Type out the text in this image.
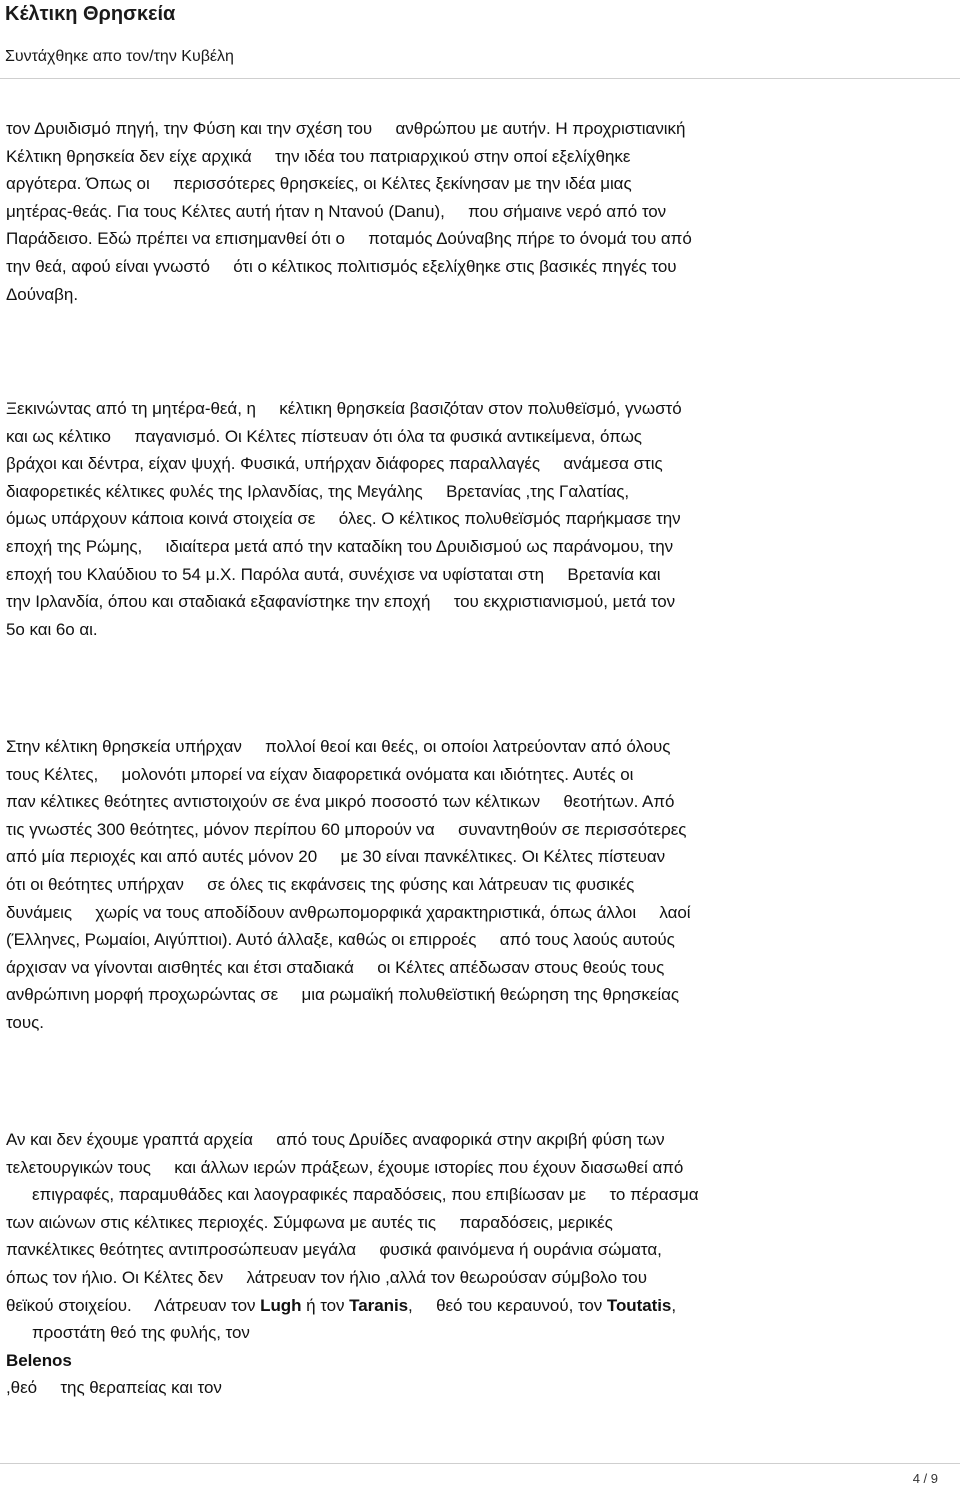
Κέλτικη Θρησκεία
Συντάχθηκε απο τον/την Κυβέλη

τον Δρυιδισμό πηγή, την Φύση και την σχέση του     ανθρώπου με αυτήν. Η προχριστιανική
Κέλτικη θρησκεία δεν είχε αρχικά     την ιδέα του πατριαρχικού στην οποί εξελίχθηκε
αργότερα. Όπως οι     περισσότερες θρησκείες, οι Κέλτες ξεκίνησαν με την ιδέα μιας
μητέρας-θεάς. Για τους Κέλτες αυτή ήταν η Ντανού (Danu),     που σήμαινε νερό από τον
Παράδεισο. Εδώ πρέπει να επισημανθεί ότι ο     ποταμός Δούναβης πήρε το όνομά του από
την θεά, αφού είναι γνωστό     ότι ο κέλτικος πολιτισμός εξελίχθηκε στις βασικές πηγές του
Δούναβη.

Ξεκινώντας από τη μητέρα-θεά, η     κέλτικη θρησκεία βασιζόταν στον πολυθεϊσμό, γνωστό
και ως κέλτικο     παγανισμό. Οι Κέλτες πίστευαν ότι όλα τα φυσικά αντικείμενα, όπως
βράχοι και δέντρα, είχαν ψυχή. Φυσικά, υπήρχαν διάφορες παραλλαγές     ανάμεσα στις
διαφορετικές κέλτικες φυλές της Ιρλανδίας, της Μεγάλης     Βρετανίας ,της Γαλατίας,
όμως υπάρχουν κάποια κοινά στοιχεία σε     όλες. Ο κέλτικος πολυθεϊσμός παρήκμασε την
εποχή της Ρώμης,     ιδιαίτερα μετά από την καταδίκη του Δρυιδισμού ως παράνομου, την
εποχή του Κλαύδιου το 54 μ.Χ. Παρόλα αυτά, συνέχισε να υφίσταται στη     Βρετανία και
την Ιρλανδία, όπου και σταδιακά εξαφανίστηκε την εποχή     του εκχριστιανισμού, μετά τον
5ο και 6ο αι.

Στην κέλτικη θρησκεία υπήρχαν     πολλοί θεοί και θεές, οι οποίοι λατρεύονταν από όλους
τους Κέλτες,     μολονότι μπορεί να είχαν διαφορετικά ονόματα και ιδιότητες. Αυτές οι
παν κέλτικες θεότητες αντιστοιχούν σε ένα μικρό ποσοστό των κέλτικων     θεοτήτων. Από
τις γνωστές 300 θεότητες, μόνον περίπου 60 μπορούν να     συναντηθούν σε περισσότερες
από μία περιοχές και από αυτές μόνον 20     με 30 είναι πανκέλτικες. Οι Κέλτες πίστευαν
ότι οι θεότητες υπήρχαν     σε όλες τις εκφάνσεις της φύσης και λάτρευαν τις φυσικές
δυνάμεις     χωρίς να τους αποδίδουν ανθρωπομορφικά χαρακτηριστικά, όπως άλλοι     λαοί
(Έλληνες, Ρωμαίοι, Αιγύπτιοι). Αυτό άλλαξε, καθώς οι επιρροές     από τους λαούς αυτούς
άρχισαν να γίνονται αισθητές και έτσι σταδιακά     οι Κέλτες απέδωσαν στους θεούς τους
ανθρώπινη μορφή προχωρώντας σε     μια ρωμαϊκή πολυθεϊστική θεώρηση της θρησκείας
τους.

Αν και δεν έχουμε γραπτά αρχεία     από τους Δρυίδες αναφορικά στην ακριβή φύση των
τελετουργικών τους     και άλλων ιερών πράξεων, έχουμε ιστορίες που έχουν διασωθεί από
επιγραφές, παραμυθάδες και λαογραφικές παραδόσεις, που επιβίωσαν με     το πέρασμα
των αιώνων στις κέλτικες περιοχές. Σύμφωνα με αυτές τις     παραδόσεις, μερικές
πανκέλτικες θεότητες αντιπροσώπευαν μεγάλα     φυσικά φαινόμενα ή ουράνια σώματα,
όπως τον ήλιο. Οι Κέλτες δεν     λάτρευαν τον ήλιο ,αλλά τον θεωρούσαν σύμβολο του
θεϊκού στοιχείου.     Λάτρευαν τον Lugh ή τον Taranis,     θεό του κεραυνού, τον Toutatis,
προστάτη θεό της φυλής, τον
Belenos
,θεό     της θεραπείας και τον

4 / 9
